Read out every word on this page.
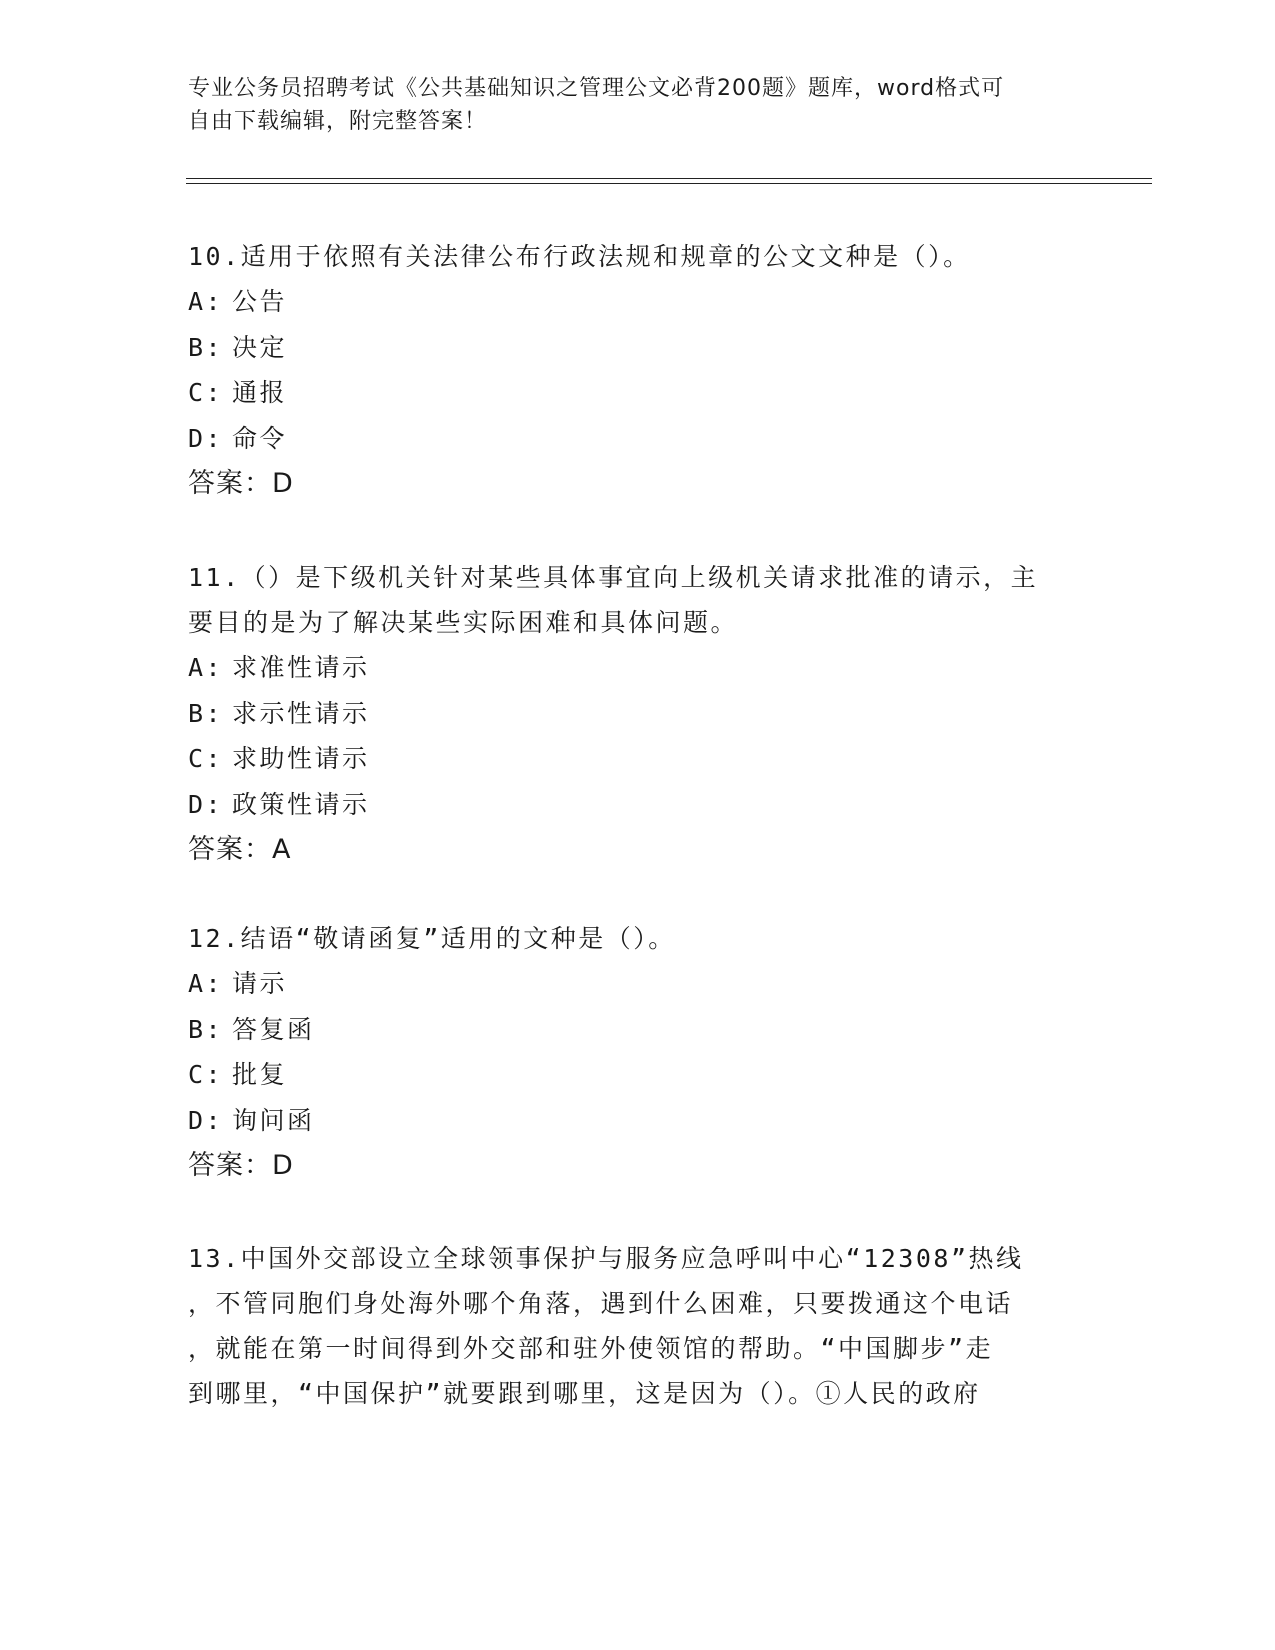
专业公务员招聘考试《公共基础知识之管理公文必背200题》题库，word格式可
自由下载编辑，附完整答案！

10.适用于依照有关法律公布行政法规和规章的公文文种是（）。

A: 公告
B: 决定
C: 通报
D: 命令
答案：D

11.（）是下级机关针对某些具体事宜向上级机关请求批准的请示，主

要目的是为了解决某些实际困难和具体问题。

A: 求准性请示
B: 求示性请示
C: 求助性请示
D: 政策性请示
答案：A

12.结语“敬请函复”适用的文种是（）。

A: 请示
B: 答复函
C: 批复
D: 询问函
答案：D

13.中国外交部设立全球领事保护与服务应急呼叫中心“12308”热线

，不管同胞们身处海外哪个角落，遇到什么困难，只要拨通这个电话

，就能在第一时间得到外交部和驻外使领馆的帮助。“中国脚步”走

到哪里，“中国保护”就要跟到哪里，这是因为（）。①人民的政府
